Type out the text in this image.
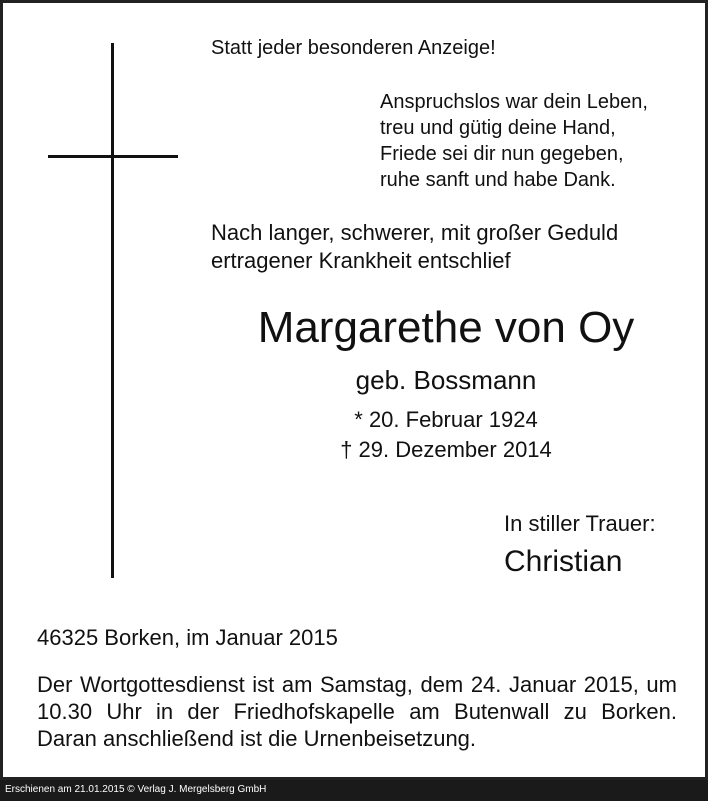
Statt jeder besonderen Anzeige!
Anspruchslos war dein Leben,
treu und gütig deine Hand,
Friede sei dir nun gegeben,
ruhe sanft und habe Dank.
Nach langer, schwerer, mit großer Geduld
ertragener Krankheit entschlief
Margarethe von Oy
geb. Bossmann
* 20. Februar 1924
† 29. Dezember 2014
In stiller Trauer:
Christian
46325 Borken, im Januar 2015
Der Wortgottesdienst ist am Samstag, dem 24. Januar 2015, um 10.30 Uhr in der Friedhofskapelle am Butenwall zu Borken. Daran anschließend ist die Urnenbeisetzung.
Erschienen am 21.01.2015 © Verlag J. Mergelsberg GmbH
